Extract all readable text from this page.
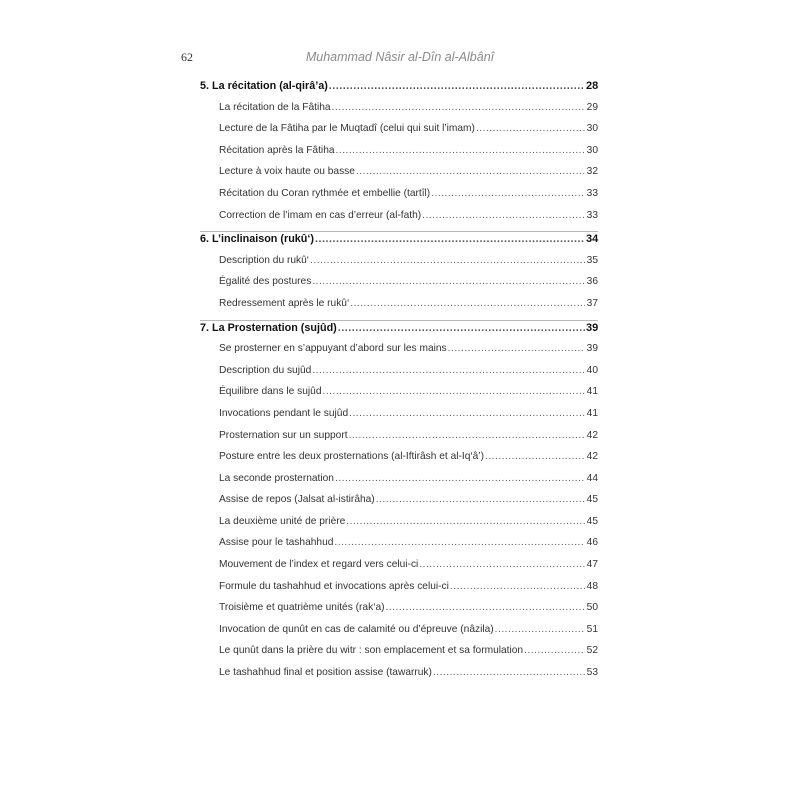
62	Muhammad Nâsir al-Dîn al-Albânî
5. La récitation (al-qirâ’a) .....	28
La récitation de la Fâtiha .....	29
Lecture de la Fâtiha par le Muqtadî (celui qui suit l’imam) .....	30
Récitation après la Fâtiha .....	30
Lecture à voix haute ou basse .....	32
Récitation du Coran rythmée et embellie (tartîl) .....	33
Correction de l’imam en cas d’erreur (al-fath) .....	33
6. L’inclinaison (rukû‘) .....	34
Description du rukû‘ .....	35
Égalité des postures .....	36
Redressement après le rukû‘ .....	37
7. La Prosternation (sujûd) .....	39
Se prosterner en s’appuyant d’abord sur les mains .....	39
Description du sujûd .....	40
Équilibre dans le sujûd .....	41
Invocations pendant le sujûd .....	41
Prosternation sur un support .....	42
Posture entre les deux prosternations (al-Iftirâsh et al-Iq‘â’) .....	42
La seconde prosternation .....	44
Assise de repos (Jalsat al-istirâha) .....	45
La deuxième unité de prière .....	45
Assise pour le tashahhud .....	46
Mouvement de l’index et regard vers celui-ci .....	47
Formule du tashahhud et invocations après celui-ci .....	48
Troisième et quatrième unités (rak‘a) .....	50
Invocation de qunût en cas de calamité ou d’épreuve (nâzila) .....	51
Le qunût dans la prière du witr : son emplacement et sa formulation .....	52
Le tashahhud final et position assise (tawarruk) .....	53
